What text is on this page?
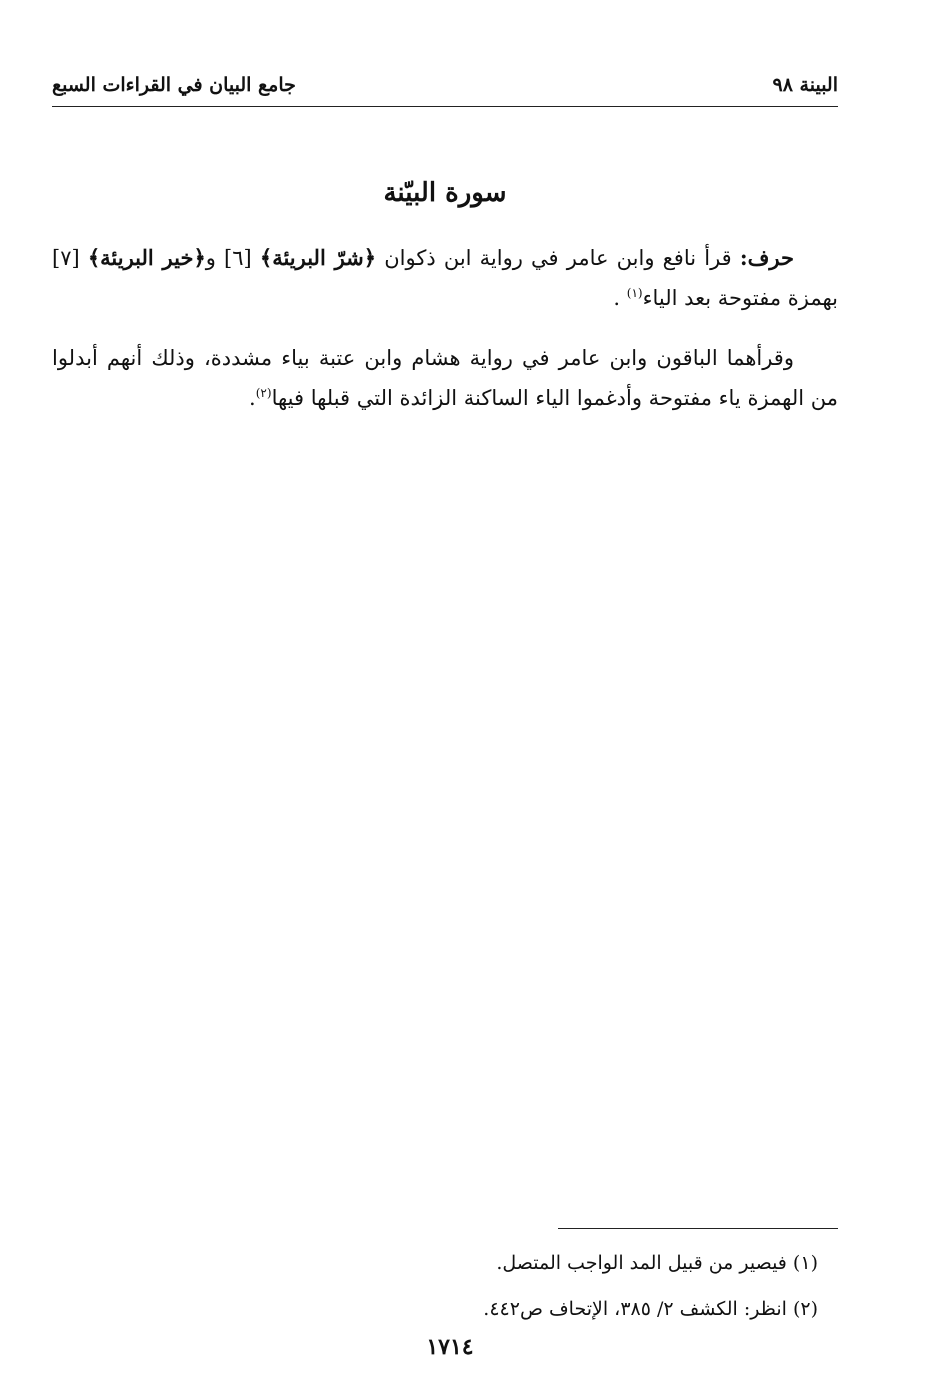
البينة ٩٨
جامع البيان في القراءات السبع
سورة البيّنة
حرف: قرأ نافع وابن عامر في رواية ابن ذكوان ﴿شرّ البريئة﴾ [٦] و﴿خير البريئة﴾ [٧] بهمزة مفتوحة بعد الياء$^{(١)}$ .
وقرأهما الباقون وابن عامر في رواية هشام وابن عتبة بياء مشددة، وذلك أنهم أبدلوا من الهمزة ياء مفتوحة وأدغموا الياء الساكنة الزائدة التي قبلها فيها$^{(٢)}$.
(١) فيصير من قبيل المد الواجب المتصل.
(٢) انظر: الكشف ٢/ ٣٨٥، الإتحاف ص٤٤٢.
١٧١٤
